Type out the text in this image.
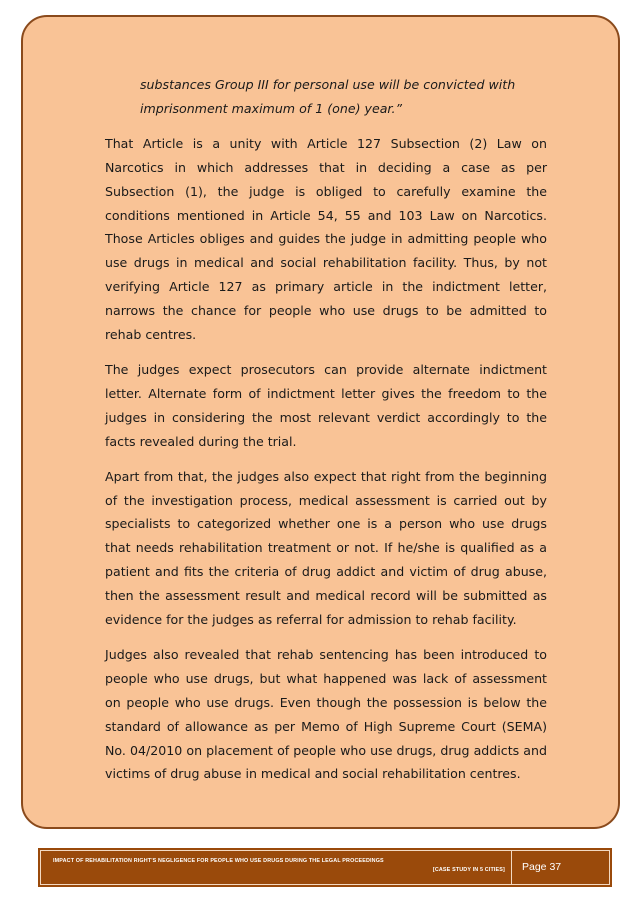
substances Group III for personal use will be convicted with
imprisonment maximum of 1 (one) year.”

That Article is a unity with Article 127 Subsection (2) Law on Narcotics in which addresses that in deciding a case as per Subsection (1), the judge is obliged to carefully examine the conditions mentioned in Article 54, 55 and 103 Law on Narcotics. Those Articles obliges and guides the judge in admitting people who use drugs in medical and social rehabilitation facility. Thus, by not verifying Article 127 as primary article in the indictment letter, narrows the chance for people who use drugs to be admitted to rehab centres.

The judges expect prosecutors can provide alternate indictment letter. Alternate form of indictment letter gives the freedom to the judges in considering the most relevant verdict accordingly to the facts revealed during the trial.

Apart from that, the judges also expect that right from the beginning of the investigation process, medical assessment is carried out by specialists to categorized whether one is a person who use drugs that needs rehabilitation treatment or not. If he/she is qualified as a patient and fits the criteria of drug addict and victim of drug abuse, then the assessment result and medical record will be submitted as evidence for the judges as referral for admission to rehab facility.

Judges also revealed that rehab sentencing has been introduced to people who use drugs, but what happened was lack of assessment on people who use drugs. Even though the possession is below the standard of allowance as per Memo of High Supreme Court (SEMA) No. 04/2010 on placement of people who use drugs, drug addicts and victims of drug abuse in medical and social rehabilitation centres.

IMPACT OF REHABILITATION RIGHT'S NEGLIGENCE FOR PEOPLE WHO USE DRUGS DURING THE LEGAL PROCEEDINGS
[CASE STUDY IN 5 CITIES]	Page 37
